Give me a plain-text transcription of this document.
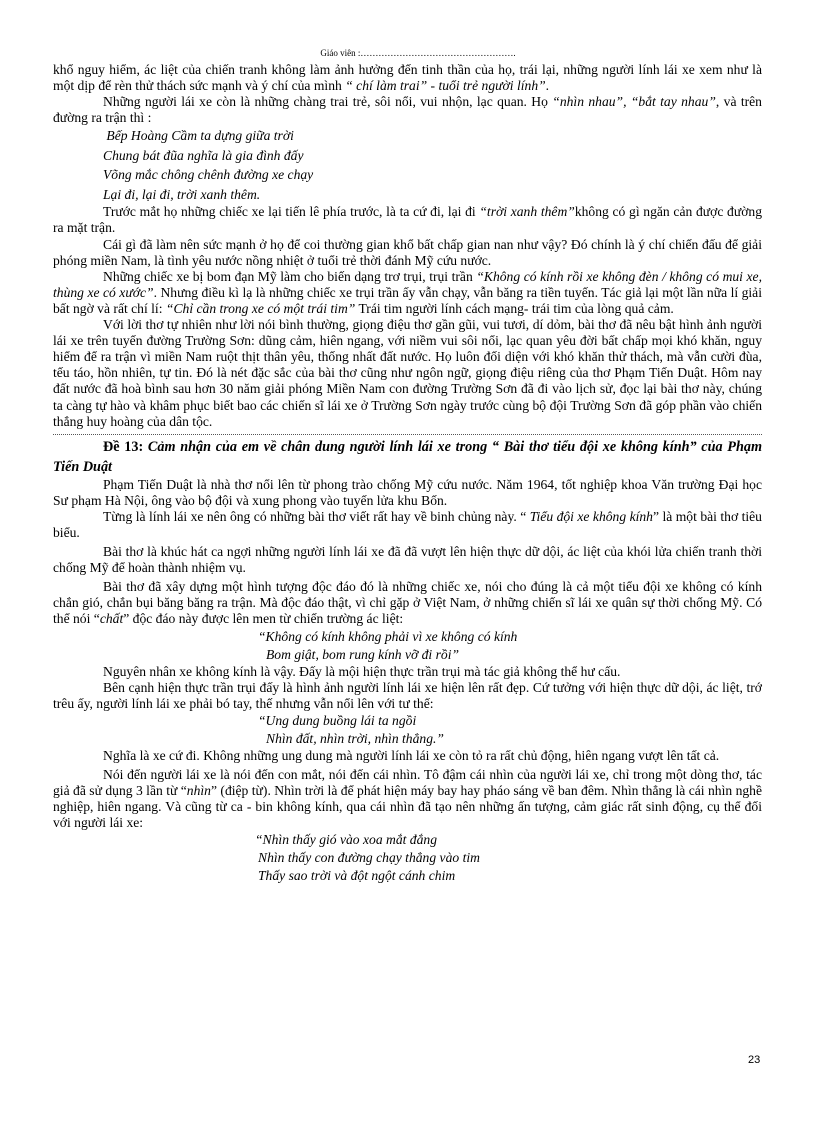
Giáo viên :…………………………………………….

khổ nguy hiểm, ác liệt của chiến tranh không làm ảnh hưởng đến tinh thần của họ, trái lại, những người lính lái xe xem như là một dịp để rèn thử thách sức mạnh và ý chí của mình “ chí làm trai” - tuổi trẻ người lính”.

Những người lái xe còn là những chàng trai trẻ, sôi nổi, vui nhộn, lạc quan. Họ “nhìn nhau”, “bắt tay nhau”, và trên đường ra trận thì :

Bếp Hoàng Cầm ta dựng giữa trời
Chung bát đũa nghĩa là gia đình đấy
Võng mắc chông chênh đường xe chạy
Lại đi, lại đi, trời xanh thêm.

Trước mắt họ những chiếc xe lại tiến lê phía trước, là ta cứ đi, lại đi “trời xanh thêm”không có gì ngăn cản được đường ra mặt trận.

Cái gì đã làm nên sức mạnh ở họ để coi thường gian khổ bất chấp gian nan như vậy? Đó chính là ý chí chiến đấu để giải phóng miền Nam, là tình yêu nước nồng nhiệt ở tuổi trẻ thời đánh Mỹ cứu nước.

Những chiếc xe bị bom đạn Mỹ làm cho biến dạng trơ trụi, trụi trần “Không có kính rồi xe không đèn / không có mui xe, thùng xe có xước”. Nhưng điều kì lạ là những chiếc xe trụi trần ấy vẫn chạy, vẫn băng ra tiền tuyến. Tác giả lại một lần nữa lí giải bất ngờ và rất chí lí: “Chỉ cần trong xe có một trái tim” Trái tim người lính cách mạng- trái tim của lòng quả cảm.

Với lời thơ tự nhiên như lời nói bình thường, giọng điệu thơ gần gũi, vui tươi, dí dỏm, bài thơ đã nêu bật hình ảnh người lái xe trên tuyến đường Trường Sơn: dũng cảm, hiên ngang, với niềm vui sôi nổi, lạc quan yêu đời bất chấp mọi khó khăn, nguy hiểm để ra trận vì miền Nam ruột thịt thân yêu, thống nhất đất nước. Họ luôn đối diện với khó khăn thử thách, mà vẫn cười đùa, tếu táo, hồn nhiên, tự tin. Đó là nét đặc sắc của bài thơ cũng như ngôn ngữ, giọng điệu riêng của thơ Phạm Tiến Duật. Hôm nay đất nước đã hoà bình sau hơn 30 năm giải phóng Miền Nam con đường Trường Sơn đã đi vào lịch sử, đọc lại bài thơ này, chúng ta càng tự hào và khâm phục biết bao các chiến sĩ lái xe ở Trường Sơn ngày trước cùng bộ đội Trường Sơn đã góp phần vào chiến thắng huy hoàng của dân tộc.

Đề 13: Cảm nhận của em về chân dung người lính lái xe trong “ Bài thơ tiểu đội xe không kính” của Phạm Tiến Duật

Phạm Tiến Duật là nhà thơ nổi lên từ phong trào chống Mỹ cứu nước. Năm 1964, tốt nghiệp khoa Văn trường Đại học Sư phạm Hà Nội, ông vào bộ đội và xung phong vào tuyến lửa khu Bốn.

Từng là lính lái xe nên ông có những bài thơ viết rất hay về binh chủng này. “ Tiểu đội xe không kính” là một bài thơ tiêu biểu.

Bài thơ là khúc hát ca ngợi những người lính lái xe đã đã vượt lên hiện thực dữ dội, ác liệt của khói lửa chiến tranh thời chống Mỹ để hoàn thành nhiệm vụ.

Bài thơ đã xây dựng một hình tượng độc đáo đó là những chiếc xe, nói cho đúng là cả một tiểu đội xe không có kính chắn gió, chắn bụi băng băng ra trận. Mà độc đáo thật, vì chỉ gặp ở Việt Nam, ở những chiến sĩ lái xe quân sự thời chống Mỹ. Có thể nói “chất” độc đáo này được lên men từ chiến trường ác liệt:

“Không có kính không phải vì xe không có kính
Bom giật, bom rung kính vỡ đi rồi”

Nguyên nhân xe không kính là vậy. Đấy là mội hiện thực trần trụi mà tác giả không thể hư cấu.

Bên cạnh hiện thực trần trụi đấy là hình ảnh người lính lái xe hiện lên rất đẹp. Cứ tưởng với hiện thực dữ dội, ác liệt, trớ trêu ấy, người lính lái xe phải bó tay, thế nhưng vẫn nổi lên với tư thế:

“Ung dung buồng lái ta ngồi
Nhìn đất, nhìn trời, nhìn thẳng.”

Nghĩa là xe cứ đi. Không những ung dung mà người lính lái xe còn tỏ ra rất chủ động, hiên ngang vượt lên tất cả.

Nói đến người lái xe là nói đến con mắt, nói đến cái nhìn. Tô đậm cái nhìn của người lái xe, chỉ trong một dòng thơ, tác giả đã sử dụng 3 lần từ “nhìn” (điệp từ). Nhìn trời là để phát hiện máy bay hay pháo sáng về ban đêm. Nhìn thẳng là cái nhìn nghề nghiệp, hiên ngang. Và cũng từ ca - bin không kính, qua cái nhìn đã tạo nên những ấn tượng, cảm giác rất sinh động, cụ thể đối với người lái xe:

“Nhìn thấy gió vào xoa mắt đắng
Nhìn thấy con đường chạy thẳng vào tim
Thấy sao trời và đột ngột cánh chim
23
